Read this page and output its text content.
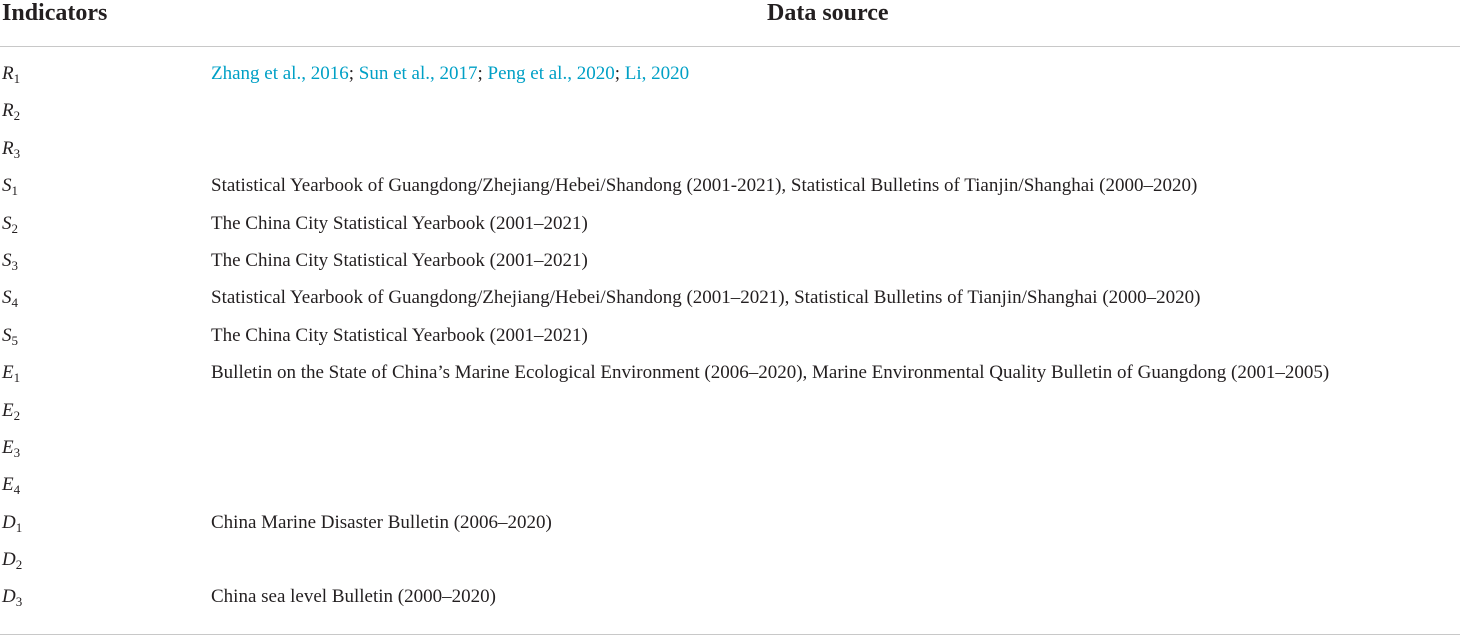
Indicators	Data source
$R_1$	Zhang et al., 2016; Sun et al., 2017; Peng et al., 2020; Li, 2020
$R_2$
$R_3$
$S_1$	Statistical Yearbook of Guangdong/Zhejiang/Hebei/Shandong (2001-2021), Statistical Bulletins of Tianjin/Shanghai (2000–2020)
$S_2$	The China City Statistical Yearbook (2001–2021)
$S_3$	The China City Statistical Yearbook (2001–2021)
$S_4$	Statistical Yearbook of Guangdong/Zhejiang/Hebei/Shandong (2001–2021), Statistical Bulletins of Tianjin/Shanghai (2000–2020)
$S_5$	The China City Statistical Yearbook (2001–2021)
$E_1$	Bulletin on the State of China’s Marine Ecological Environment (2006–2020), Marine Environmental Quality Bulletin of Guangdong (2001–2005)
$E_2$
$E_3$
$E_4$
$D_1$	China Marine Disaster Bulletin (2006–2020)
$D_2$
$D_3$	China sea level Bulletin (2000–2020)
